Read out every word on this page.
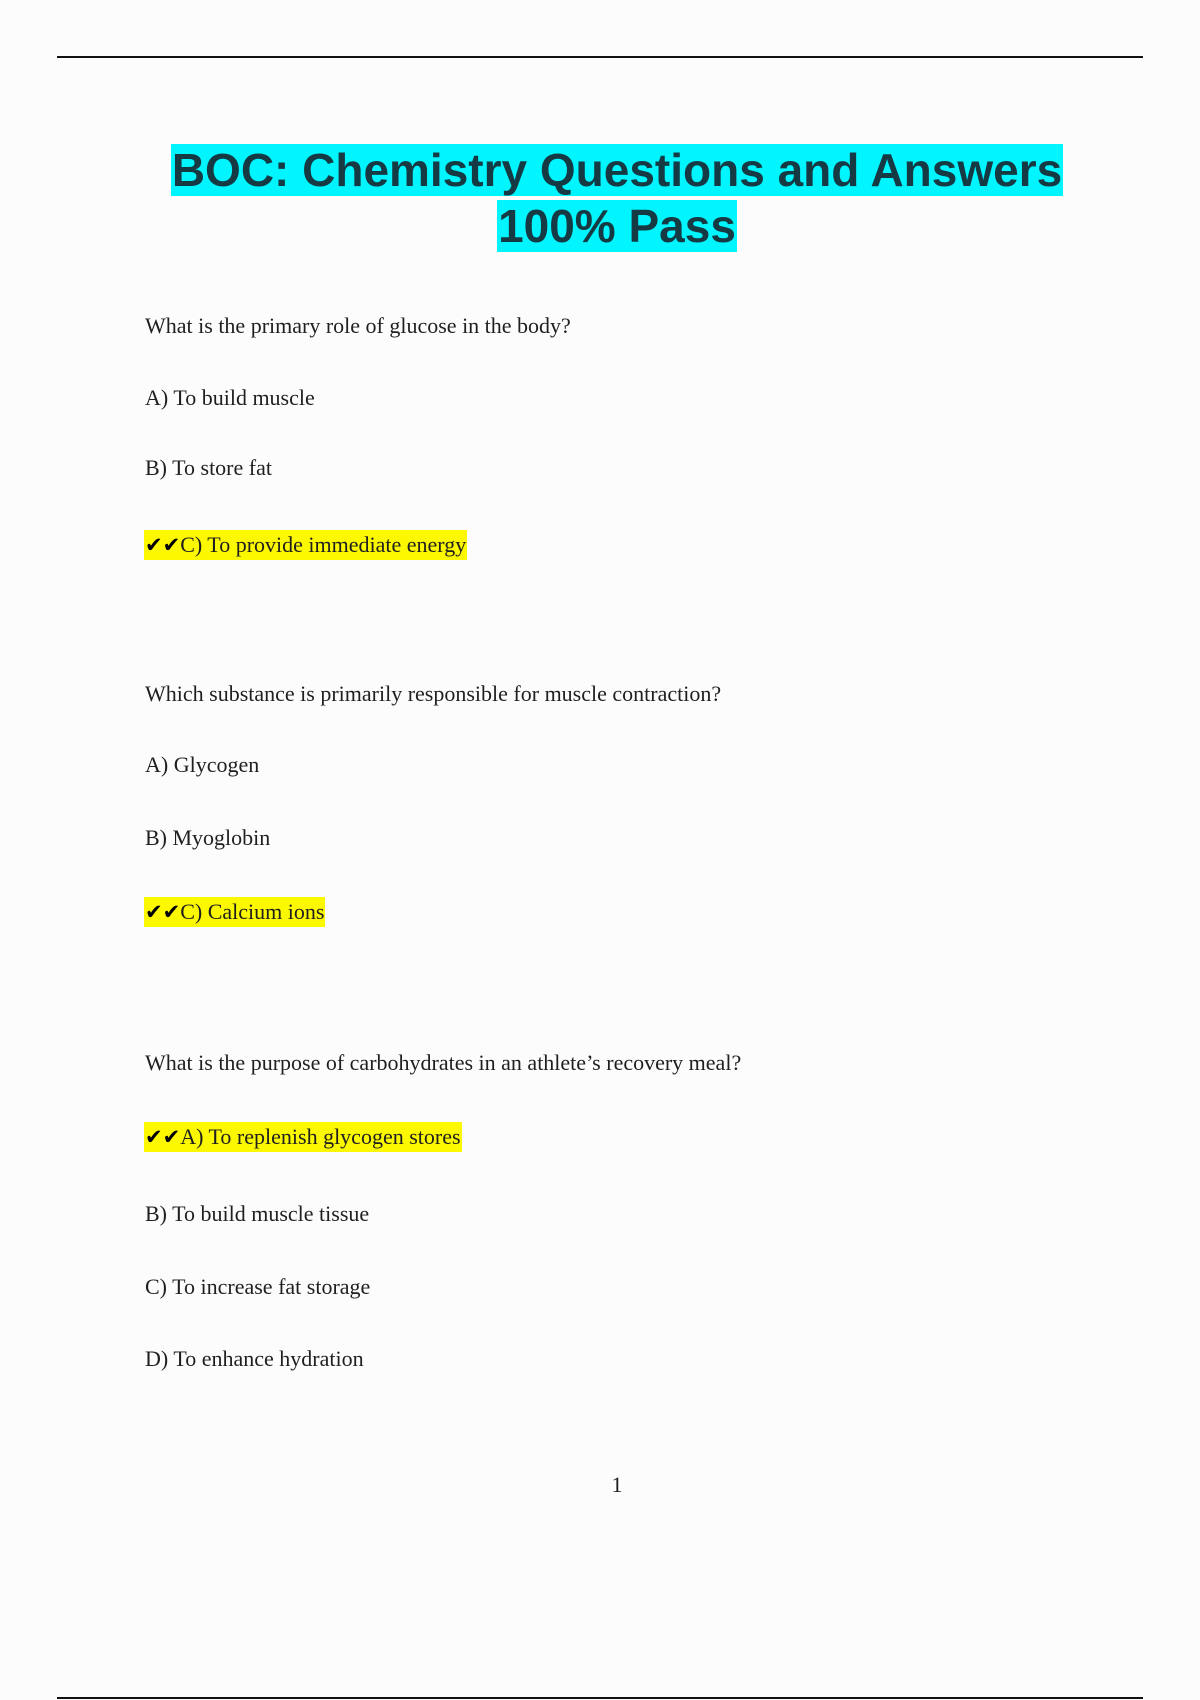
BOC: Chemistry Questions and Answers
100% Pass

What is the primary role of glucose in the body?

A) To build muscle

B) To store fat

✔✔C) To provide immediate energy

Which substance is primarily responsible for muscle contraction?

A) Glycogen

B) Myoglobin

✔✔C) Calcium ions

What is the purpose of carbohydrates in an athlete’s recovery meal?

✔✔A) To replenish glycogen stores

B) To build muscle tissue

C) To increase fat storage

D) To enhance hydration

1
